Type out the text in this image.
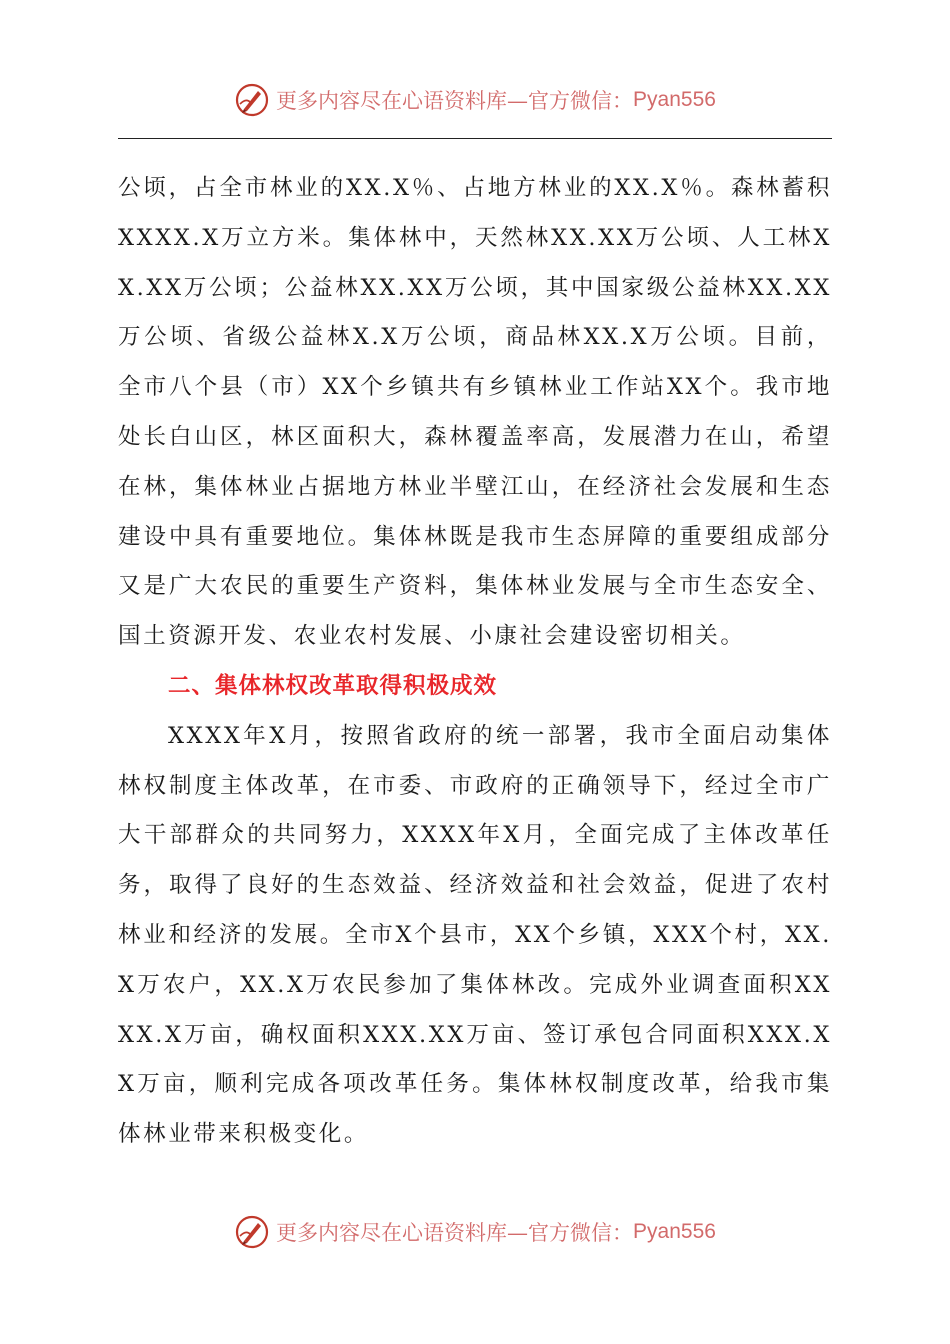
更多内容尽在心语资料库—官方微信： Pyan556

公顷，占全市林业的XX.X％、占地方林业的XX.X％。森林蓄积XXXX.X万立方米。集体林中，天然林XX.XX万公顷、人工林XX.XX万公顷；公益林XX.XX万公顷，其中国家级公益林XX.XX万公顷、省级公益林X.X万公顷，商品林XX.X万公顷。目前，全市八个县（市）XX个乡镇共有乡镇林业工作站XX个。我市地处长白山区，林区面积大，森林覆盖率高，发展潜力在山，希望在林，集体林业占据地方林业半壁江山，在经济社会发展和生态建设中具有重要地位。集体林既是我市生态屏障的重要组成部分又是广大农民的重要生产资料，集体林业发展与全市生态安全、国土资源开发、农业农村发展、小康社会建设密切相关。

二、集体林权改革取得积极成效

XXXX年X月，按照省政府的统一部署，我市全面启动集体林权制度主体改革，在市委、市政府的正确领导下，经过全市广大干部群众的共同努力，XXXX年X月，全面完成了主体改革任务，取得了良好的生态效益、经济效益和社会效益，促进了农村林业和经济的发展。全市X个县市，XX个乡镇，XXX个村，XX.X万农户，XX.X万农民参加了集体林改。完成外业调查面积XXXX.X万亩，确权面积XXX.XX万亩、签订承包合同面积XXX.XX万亩，顺利完成各项改革任务。集体林权制度改革，给我市集体林业带来积极变化。

更多内容尽在心语资料库—官方微信： Pyan556
